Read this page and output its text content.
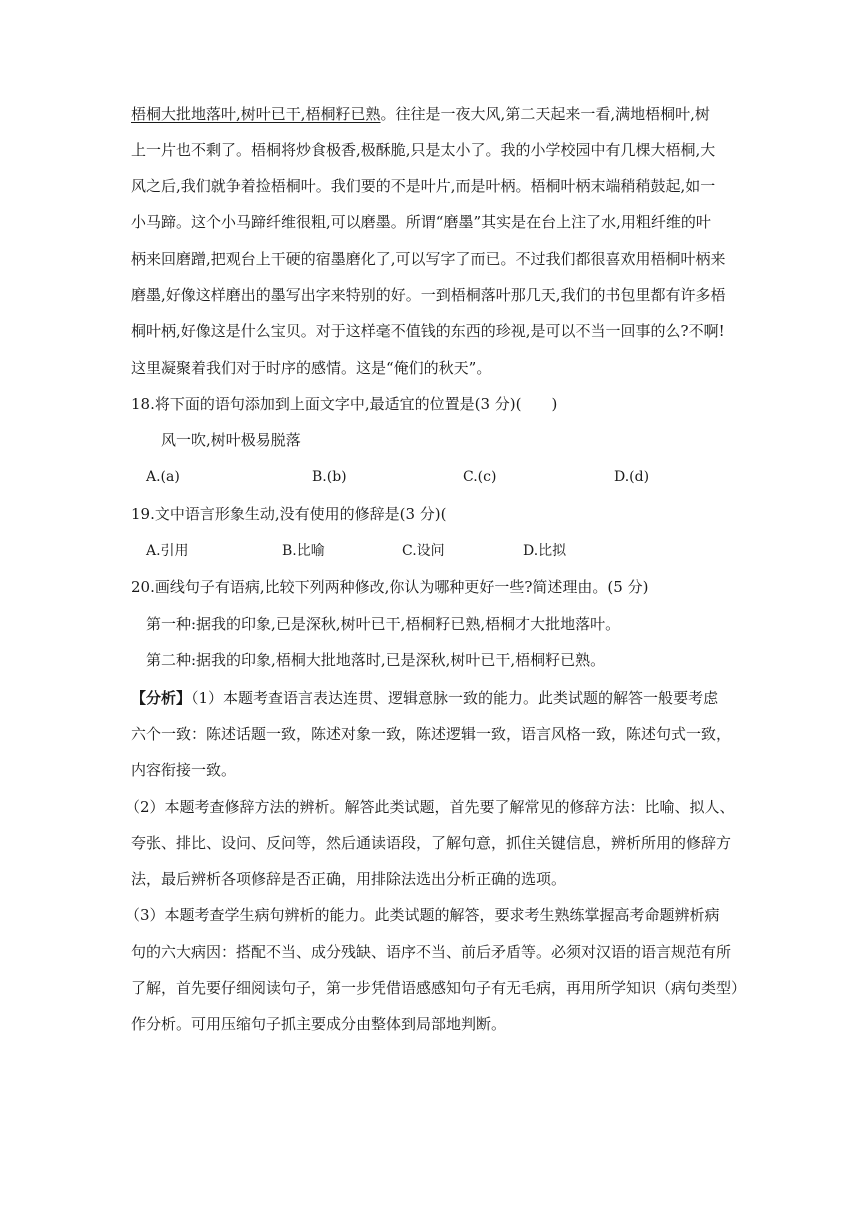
梧桐大批地落叶,树叶已干,梧桐籽已熟。往往是一夜大风,第二天起来一看,满地梧桐叶,树
上一片也不剩了。梧桐将炒食极香,极酥脆,只是太小了。我的小学校园中有几棵大梧桐,大
风之后,我们就争着捡梧桐叶。我们要的不是叶片,而是叶柄。梧桐叶柄末端稍稍鼓起,如一
小马蹄。这个小马蹄纤维很粗,可以磨墨。所谓“磨墨”其实是在台上注了水,用粗纤维的叶
柄来回磨蹭,把观台上干硬的宿墨磨化了,可以写字了而已。不过我们都很喜欢用梧桐叶柄来
磨墨,好像这样磨出的墨写出字来特别的好。一到梧桐落叶那几天,我们的书包里都有许多梧
桐叶柄,好像这是什么宝贝。对于这样毫不值钱的东西的珍视,是可以不当一回事的么?不啊!
这里凝聚着我们对于时序的感情。这是“俺们的秋天”。
18.将下面的语句添加到上面文字中,最适宜的位置是(3 分)(　　)
风一吹,树叶极易脱落
A.(a)	B.(b)	C.(c)	D.(d)
19.文中语言形象生动,没有使用的修辞是(3 分)(
A.引用	B.比喻	C.设问	D.比拟
20.画线句子有语病,比较下列两种修改,你认为哪种更好一些?简述理由。(5 分)
第一种:据我的印象,已是深秋,树叶已干,梧桐籽已熟,梧桐才大批地落叶。
第二种:据我的印象,梧桐大批地落时,已是深秋,树叶已干,梧桐籽已熟。
【分析】（1）本题考查语言表达连贯、逻辑意脉一致的能力。此类试题的解答一般要考虑
六个一致：陈述话题一致，陈述对象一致，陈述逻辑一致，语言风格一致，陈述句式一致，
内容衔接一致。
（2）本题考查修辞方法的辨析。解答此类试题，首先要了解常见的修辞方法：比喻、拟人、
夸张、排比、设问、反问等，然后通读语段，了解句意，抓住关键信息，辨析所用的修辞方
法，最后辨析各项修辞是否正确，用排除法选出分析正确的选项。
（3）本题考查学生病句辨析的能力。此类试题的解答，要求考生熟练掌握高考命题辨析病
句的六大病因：搭配不当、成分残缺、语序不当、前后矛盾等。必须对汉语的语言规范有所
了解，首先要仔细阅读句子，第一步凭借语感感知句子有无毛病，再用所学知识（病句类型）
作分析。可用压缩句子抓主要成分由整体到局部地判断。
